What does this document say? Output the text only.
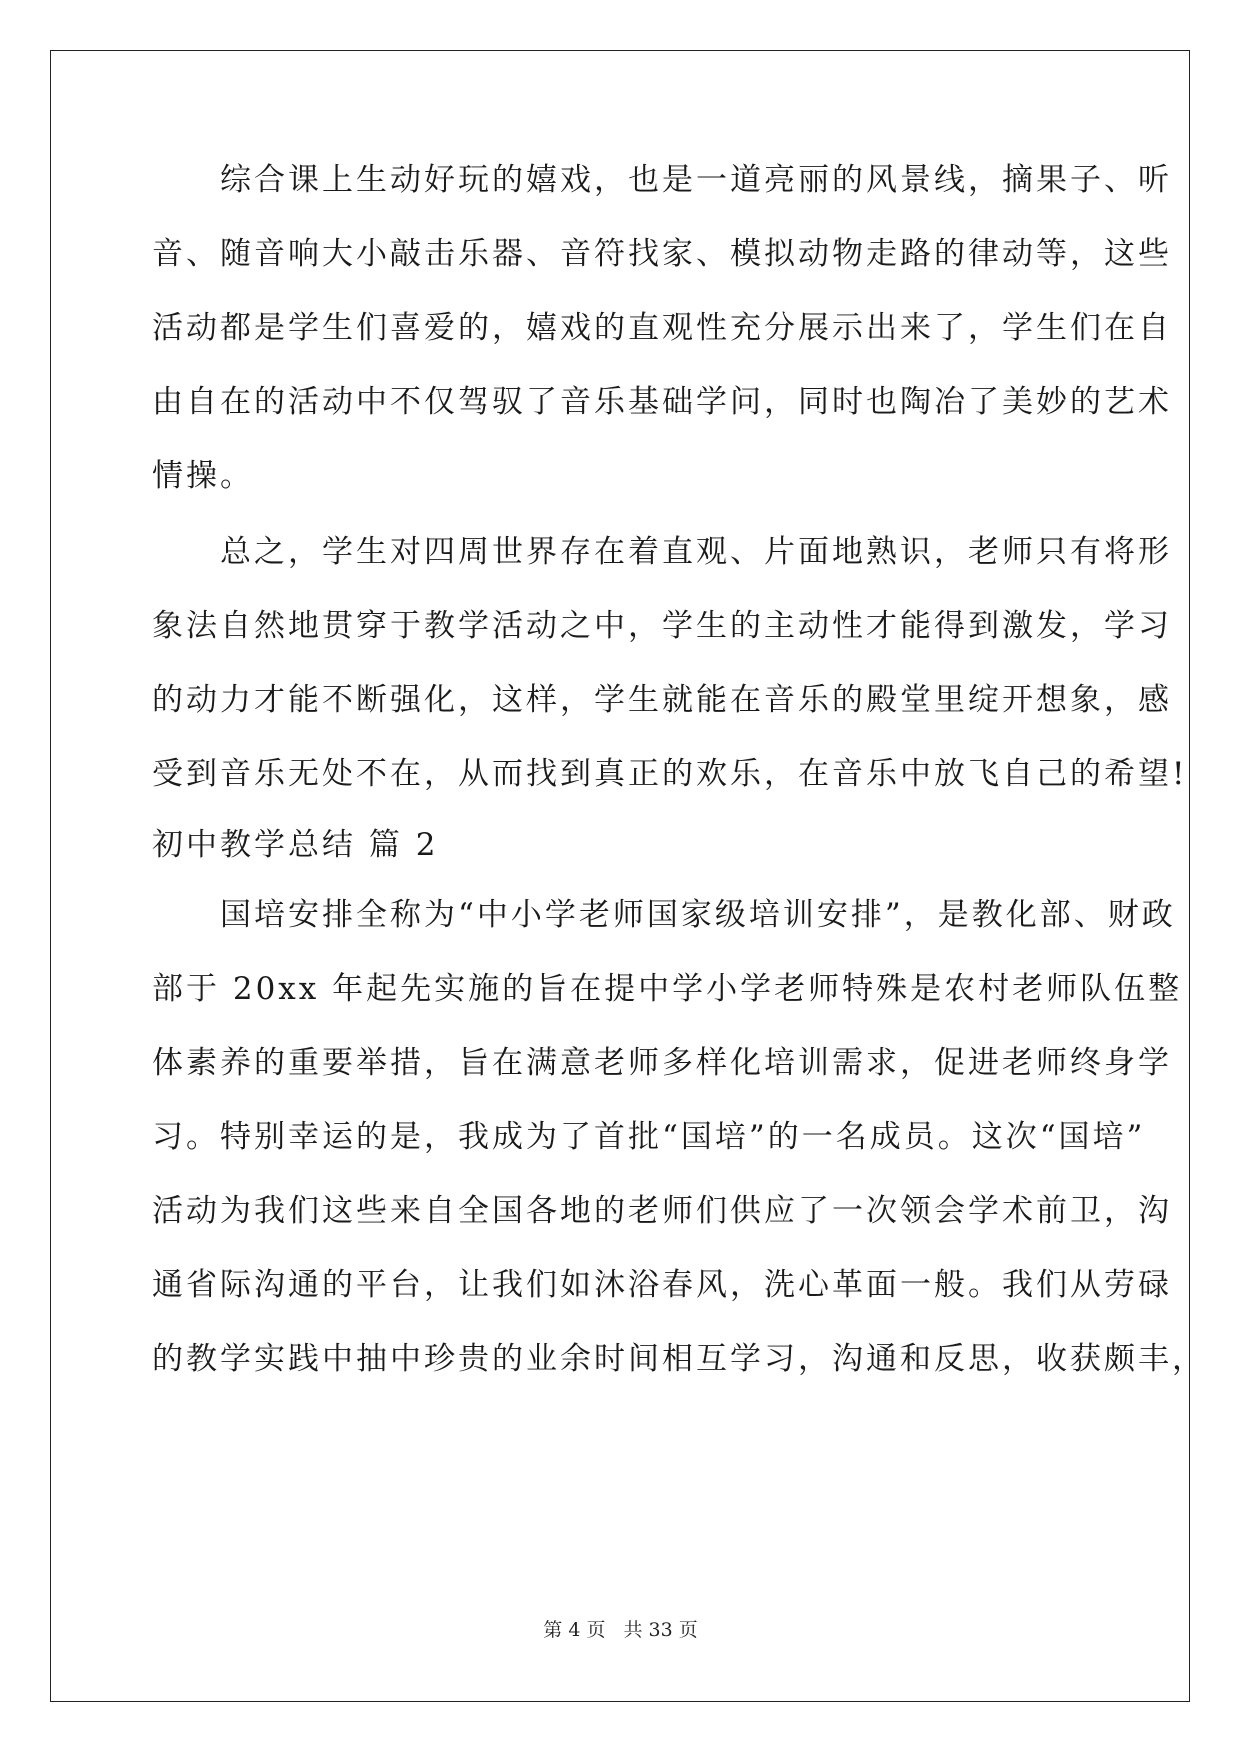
　　综合课上生动好玩的嬉戏，也是一道亮丽的风景线，摘果子、听
音、随音响大小敲击乐器、音符找家、模拟动物走路的律动等，这些
活动都是学生们喜爱的，嬉戏的直观性充分展示出来了，学生们在自
由自在的活动中不仅驾驭了音乐基础学问，同时也陶冶了美妙的艺术
情操。
　　总之，学生对四周世界存在着直观、片面地熟识，老师只有将形
象法自然地贯穿于教学活动之中，学生的主动性才能得到激发，学习
的动力才能不断强化，这样，学生就能在音乐的殿堂里绽开想象，感
受到音乐无处不在，从而找到真正的欢乐，在音乐中放飞自己的希望!
初中教学总结 篇 2
　　国培安排全称为“中小学老师国家级培训安排”，是教化部、财政
部于 20xx 年起先实施的旨在提中学小学老师特殊是农村老师队伍整
体素养的重要举措，旨在满意老师多样化培训需求，促进老师终身学
习。特别幸运的是，我成为了首批“国培”的一名成员。这次“国培”
活动为我们这些来自全国各地的老师们供应了一次领会学术前卫，沟
通省际沟通的平台，让我们如沐浴春风，洗心革面一般。我们从劳碌
的教学实践中抽中珍贵的业余时间相互学习，沟通和反思，收获颇丰，
第 4 页 共 33 页
